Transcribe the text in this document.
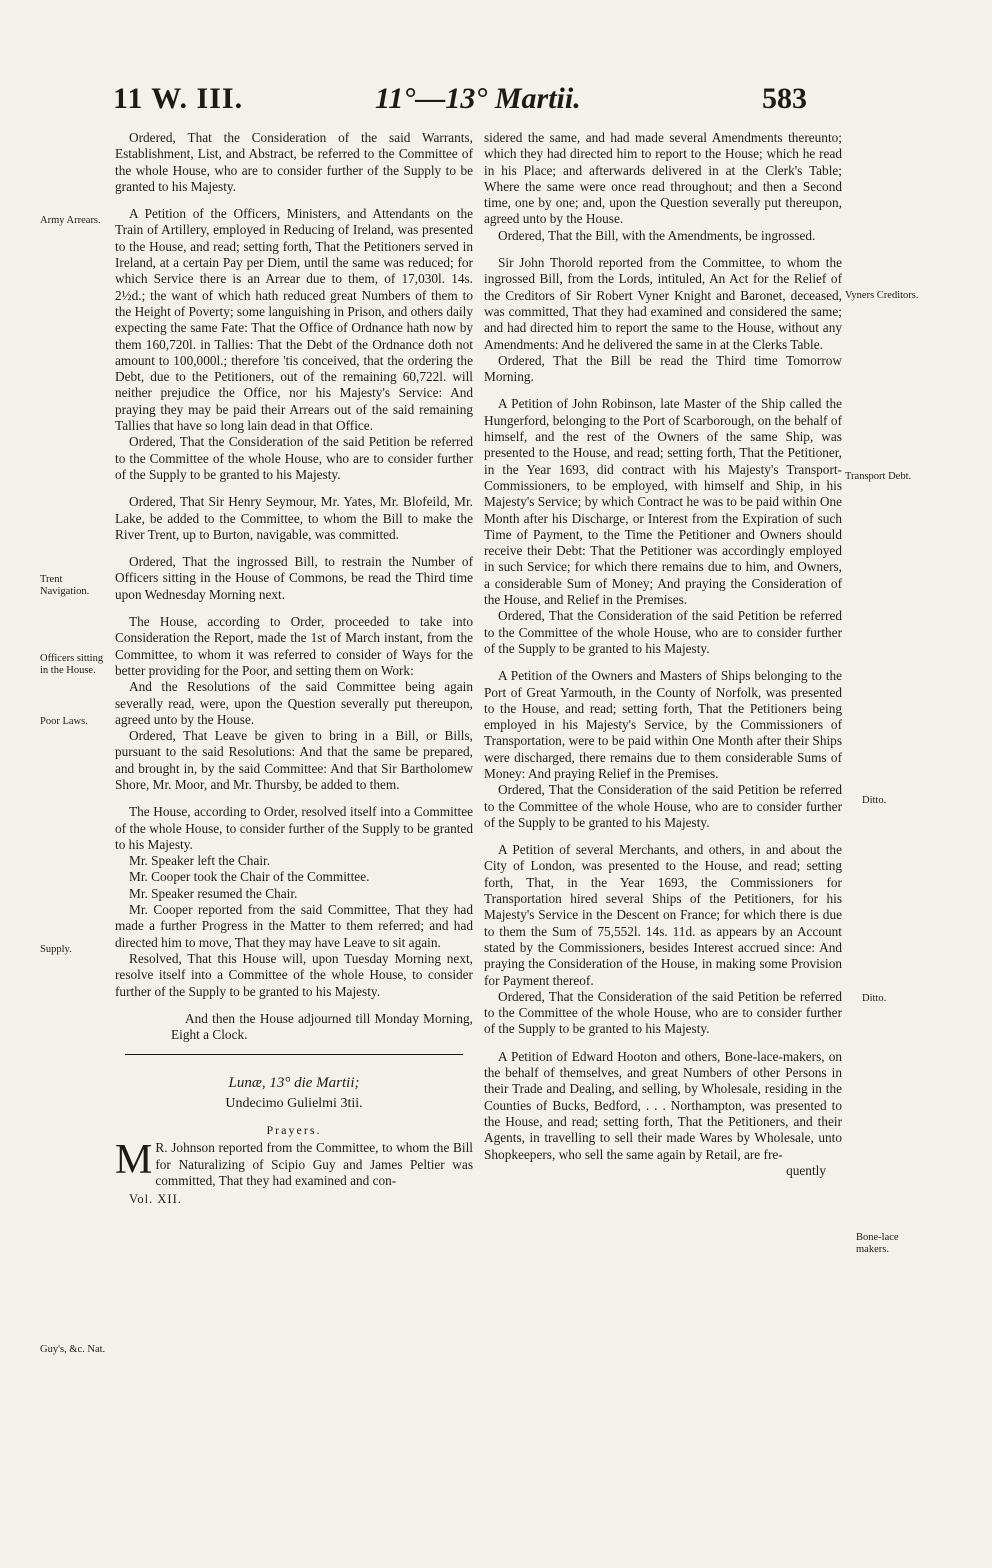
11 W. III.	11°—13° Martii.	583
Army Arrears.
Trent Navigation.
Officers sitting in the House.
Poor Laws.
Supply.
Guy's, &c. Nat.
Vyners Creditors.
Transport Debt.
Ditto.
Ditto.
Bone-lace makers.

Ordered, That the Consideration of the said Warrants, Establishment, List, and Abstract, be referred to the Committee of the whole House, who are to consider further of the Supply to be granted to his Majesty.

A Petition of the Officers, Ministers, and Attendants on the Train of Artillery, employed in Reducing of Ireland, was presented to the House, and read; setting forth, That the Petitioners served in Ireland, at a certain Pay per Diem, until the same was reduced; for which Service there is an Arrear due to them, of 17,030l. 14s. 2½d.; the want of which hath reduced great Numbers of them to the Height of Poverty; some languishing in Prison, and others daily expecting the same Fate: That the Office of Ordnance hath now by them 160,720l. in Tallies: That the Debt of the Ordnance doth not amount to 100,000l.; therefore 'tis conceived, that the ordering the Debt, due to the Petitioners, out of the remaining 60,722l. will neither prejudice the Office, nor his Majesty's Service: And praying they may be paid their Arrears out of the said remaining Tallies that have so long lain dead in that Office.

Ordered, That the Consideration of the said Petition be referred to the Committee of the whole House, who are to consider further of the Supply to be granted to his Majesty.

Ordered, That Sir Henry Seymour, Mr. Yates, Mr. Blofeild, Mr. Lake, be added to the Committee, to whom the Bill to make the River Trent, up to Burton, navigable, was committed.

Ordered, That the ingrossed Bill, to restrain the Number of Officers sitting in the House of Commons, be read the Third time upon Wednesday Morning next.

The House, according to Order, proceeded to take into Consideration the Report, made the 1st of March instant, from the Committee, to whom it was referred to consider of Ways for the better providing for the Poor, and setting them on Work:

And the Resolutions of the said Committee being again severally read, were, upon the Question severally put thereupon, agreed unto by the House.

Ordered, That Leave be given to bring in a Bill, or Bills, pursuant to the said Resolutions: And that the same be prepared, and brought in, by the said Committee: And that Sir Bartholomew Shore, Mr. Moor, and Mr. Thursby, be added to them.

The House, according to Order, resolved itself into a Committee of the whole House, to consider further of the Supply to be granted to his Majesty.

Mr. Speaker left the Chair.

Mr. Cooper took the Chair of the Committee.

Mr. Speaker resumed the Chair.

Mr. Cooper reported from the said Committee, That they had made a further Progress in the Matter to them referred; and had directed him to move, That they may have Leave to sit again.

Resolved, That this House will, upon Tuesday Morning next, resolve itself into a Committee of the whole House, to consider further of the Supply to be granted to his Majesty.

And then the House adjourned till Monday Morning, Eight a Clock.

Lunæ, 13° die Martii;
Undecimo Gulielmi 3tii.
Prayers.

M R. Johnson reported from the Committee, to whom the Bill for Naturalizing of Scipio Guy and James Peltier was committed, That they had examined and con-

Vol. XII.

sidered the same, and had made several Amendments thereunto; which they had directed him to report to the House; which he read in his Place; and afterwards delivered in at the Clerk's Table; Where the same were once read throughout; and then a Second time, one by one; and, upon the Question severally put thereupon, agreed unto by the House.

Ordered, That the Bill, with the Amendments, be ingrossed.

Sir John Thorold reported from the Committee, to whom the ingrossed Bill, from the Lords, intituled, An Act for the Relief of the Creditors of Sir Robert Vyner Knight and Baronet, deceased, was committed, That they had examined and considered the same; and had directed him to report the same to the House, without any Amendments: And he delivered the same in at the Clerks Table.

Ordered, That the Bill be read the Third time Tomorrow Morning.

A Petition of John Robinson, late Master of the Ship called the Hungerford, belonging to the Port of Scarborough, on the behalf of himself, and the rest of the Owners of the same Ship, was presented to the House, and read; setting forth, That the Petitioner, in the Year 1693, did contract with his Majesty's Transport-Commissioners, to be employed, with himself and Ship, in his Majesty's Service; by which Contract he was to be paid within One Month after his Discharge, or Interest from the Expiration of such Time of Payment, to the Time the Petitioner and Owners should receive their Debt: That the Petitioner was accordingly employed in such Service; for which there remains due to him, and Owners, a considerable Sum of Money; And praying the Consideration of the House, and Relief in the Premises.

Ordered, That the Consideration of the said Petition be referred to the Committee of the whole House, who are to consider further of the Supply to be granted to his Majesty.

A Petition of the Owners and Masters of Ships belonging to the Port of Great Yarmouth, in the County of Norfolk, was presented to the House, and read; setting forth, That the Petitioners being employed in his Majesty's Service, by the Commissioners of Transportation, were to be paid within One Month after their Ships were discharged, there remains due to them considerable Sums of Money: And praying Relief in the Premises.

Ordered, That the Consideration of the said Petition be referred to the Committee of the whole House, who are to consider further of the Supply to be granted to his Majesty.

A Petition of several Merchants, and others, in and about the City of London, was presented to the House, and read; setting forth, That, in the Year 1693, the Commissioners for Transportation hired several Ships of the Petitioners, for his Majesty's Service in the Descent on France; for which there is due to them the Sum of 75,552l. 14s. 11d. as appears by an Account stated by the Commissioners, besides Interest accrued since: And praying the Consideration of the House, in making some Provision for Payment thereof.

Ordered, That the Consideration of the said Petition be referred to the Committee of the whole House, who are to consider further of the Supply to be granted to his Majesty.

A Petition of Edward Hooton and others, Bone-lace-makers, on the behalf of themselves, and great Numbers of other Persons in their Trade and Dealing, and selling, by Wholesale, residing in the Counties of Bucks, Bedford, . . . Northampton, was presented to the House, and read; setting forth, That the Petitioners, and their Agents, in travelling to sell their made Wares by Wholesale, unto Shopkeepers, who sell the same again by Retail, are fre-

quently
